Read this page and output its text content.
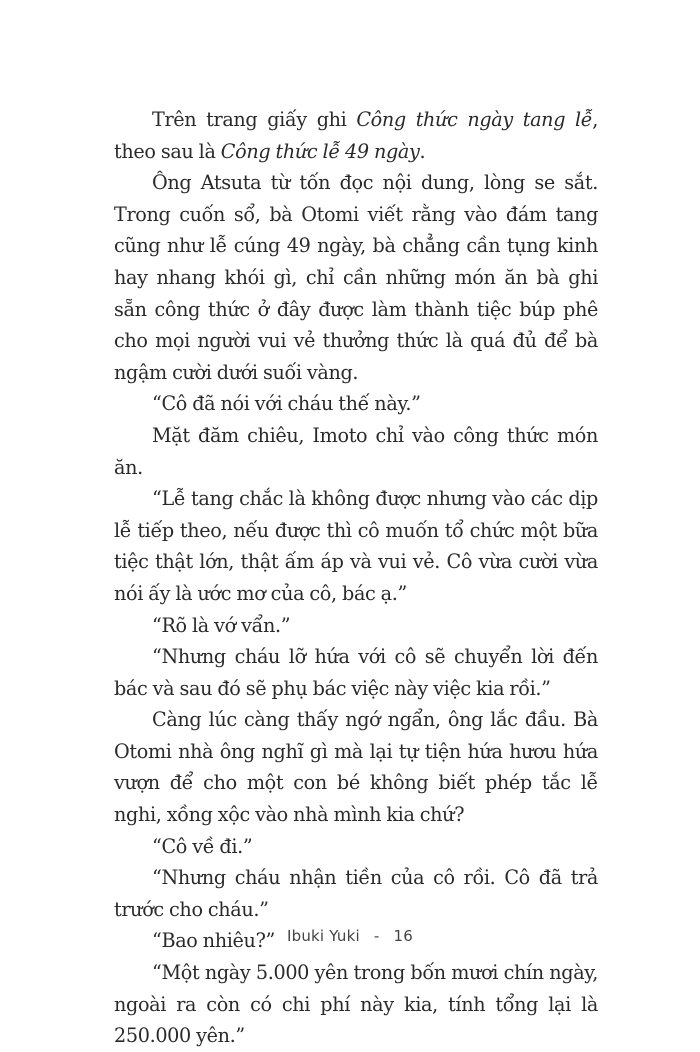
Trên trang giấy ghi Công thức ngày tang lễ, theo sau là Công thức lễ 49 ngày.

Ông Atsuta từ tốn đọc nội dung, lòng se sắt. Trong cuốn sổ, bà Otomi viết rằng vào đám tang cũng như lễ cúng 49 ngày, bà chẳng cần tụng kinh hay nhang khói gì, chỉ cần những món ăn bà ghi sẵn công thức ở đây được làm thành tiệc búp phê cho mọi người vui vẻ thưởng thức là quá đủ để bà ngậm cười dưới suối vàng.

“Cô đã nói với cháu thế này.”

Mặt đăm chiêu, Imoto chỉ vào công thức món ăn.

“Lễ tang chắc là không được nhưng vào các dịp lễ tiếp theo, nếu được thì cô muốn tổ chức một bữa tiệc thật lớn, thật ấm áp và vui vẻ. Cô vừa cười vừa nói ấy là ước mơ của cô, bác ạ.”

“Rõ là vớ vẩn.”

“Nhưng cháu lỡ hứa với cô sẽ chuyển lời đến bác và sau đó sẽ phụ bác việc này việc kia rồi.”

Càng lúc càng thấy ngớ ngẩn, ông lắc đầu. Bà Otomi nhà ông nghĩ gì mà lại tự tiện hứa hươu hứa vượn để cho một con bé không biết phép tắc lễ nghi, xồng xộc vào nhà mình kia chứ?

“Cô về đi.”

“Nhưng cháu nhận tiền của cô rồi. Cô đã trả trước cho cháu.”

“Bao nhiêu?”

“Một ngày 5.000 yên trong bốn mươi chín ngày, ngoài ra còn có chi phí này kia, tính tổng lại là 250.000 yên.”

Ibuki Yuki - 16
